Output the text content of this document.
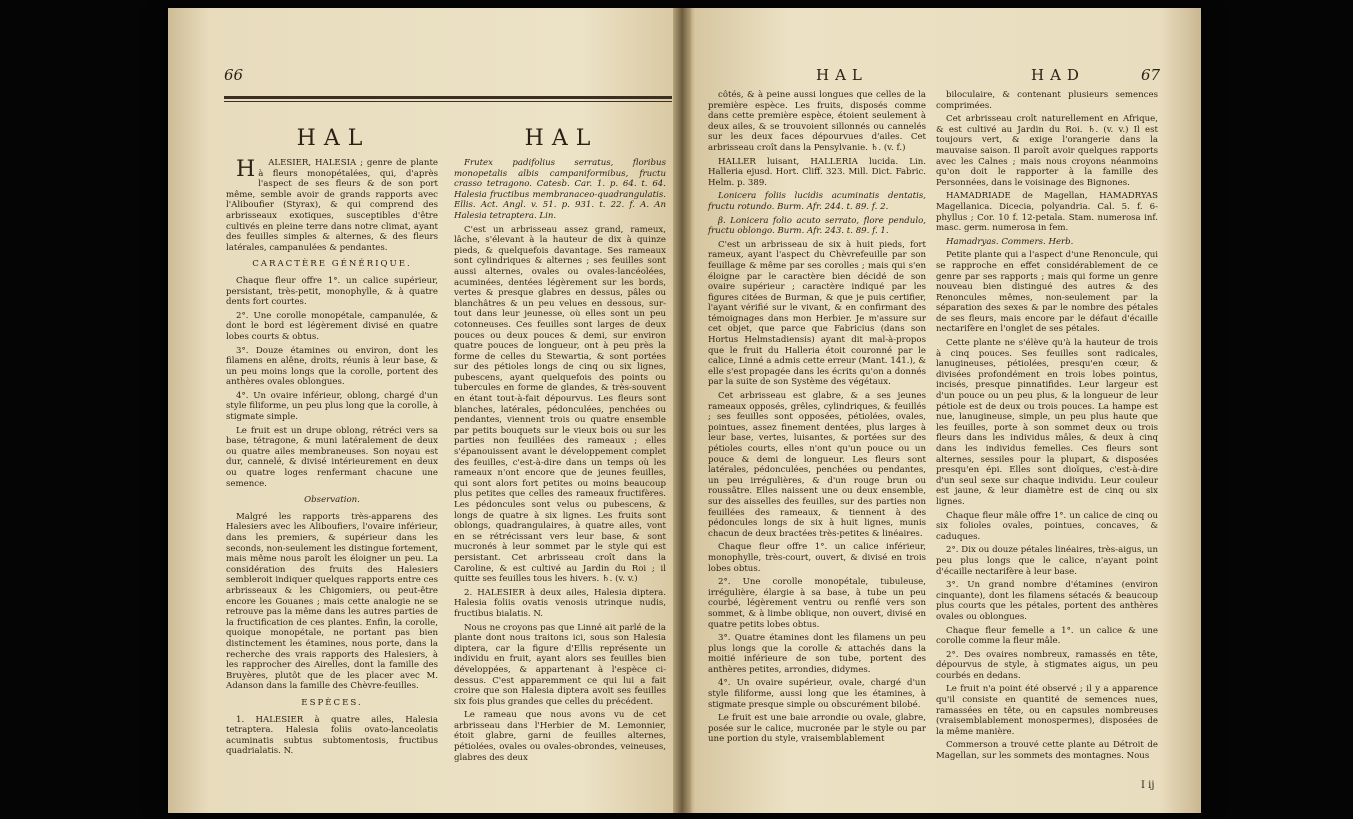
66
HAL	HAL

H ALESIER, HALESIA ; genre de plante à fleurs monopétalées, qui, d'après l'aspect de ses fleurs & de son port même, semble avoir de grands rapports avec l'Aliboufier (Styrax), & qui comprend des arbrisseaux exotiques, susceptibles d'être cultivés en pleine terre dans notre climat, ayant des feuilles simples & alternes, & des fleurs latérales, campanulées & pendantes.

CARACTÈRE GÉNÉRIQUE.

Chaque fleur offre 1°. un calice supérieur, persistant, très-petit, monophylle, & à quatre dents fort courtes.

2°. Une corolle monopétale, campanulée, & dont le bord est légèrement divisé en quatre lobes courts & obtus.

3°. Douze étamines ou environ, dont les filamens en alêne, droits, réunis à leur base, & un peu moins longs que la corolle, portent des anthères ovales oblongues.

4°. Un ovaire inférieur, oblong, chargé d'un style filiforme, un peu plus long que la corolle, à stigmate simple.

Le fruit est un drupe oblong, rétréci vers sa base, tétragone, & muni latéralement de deux ou quatre ailes membraneuses. Son noyau est dur, cannelé, & divisé intérieurement en deux ou quatre loges renfermant chacune une semence.

Observation.

Malgré les rapports très-apparens des Halesiers avec les Aliboufiers, l'ovaire inférieur, dans les premiers, & supérieur dans les seconds, non-seulement les distingue fortement, mais même nous paroît les éloigner un peu. La considération des fruits des Halesiers sembleroit indiquer quelques rapports entre ces arbrisseaux & les Chigomiers, ou peut-être encore les Gouanes ; mais cette analogie ne se retrouve pas la même dans les autres parties de la fructification de ces plantes. Enfin, la corolle, quoique monopétale, ne portant pas bien distinctement les étamines, nous porte, dans la recherche des vrais rapports des Halesiers, à les rapprocher des Airelles, dont la famille des Bruyères, plutôt que de les placer avec M. Adanson dans la famille des Chèvre-feuilles.

ESPÈCES.

1. HALESIER à quatre ailes, Halesia tetraptera. Halesia foliis ovato-lanceolatis acuminatis subtus subtomentosis, fructibus quadrialatis. N.

Frutex padifolius serratus, floribus monopetalis albis campaniformibus, fructu crasso tetragono. Catesb. Car. 1. p. 64. t. 64. Halesia fructibus membranaceo-quadrangulatis. Ellis. Act. Angl. v. 51. p. 931. t. 22. f. A. An Halesia tetraptera. Lin.

C'est un arbrisseau assez grand, rameux, lâche, s'élevant à la hauteur de dix à quinze pieds, & quelquefois davantage. Ses rameaux sont cylindriques & alternes ; ses feuilles sont aussi alternes, ovales ou ovales-lancéolées, acuminées, dentées légèrement sur les bords, vertes & presque glabres en dessus, pâles ou blanchâtres & un peu velues en dessous, sur-tout dans leur jeunesse, où elles sont un peu cotonneuses. Ces feuilles sont larges de deux pouces ou deux pouces & demi, sur environ quatre pouces de longueur, ont à peu près la forme de celles du Stewartia, & sont portées sur des pétioles longs de cinq ou six lignes, pubescens, ayant quelquefois des points ou tubercules en forme de glandes, & très-souvent en étant tout-à-fait dépourvus. Les fleurs sont blanches, latérales, pédonculées, penchées ou pendantes, viennent trois ou quatre ensemble par petits bouquets sur le vieux bois ou sur les parties non feuillées des rameaux ; elles s'épanouissent avant le développement complet des feuilles, c'est-à-dire dans un temps où les rameaux n'ont encore que de jeunes feuilles, qui sont alors fort petites ou moins beaucoup plus petites que celles des rameaux fructifères. Les pédoncules sont velus ou pubescens, & longs de quatre à six lignes. Les fruits sont oblongs, quadrangulaires, à quatre ailes, vont en se rétrécissant vers leur base, & sont mucronés à leur sommet par le style qui est persistant. Cet arbrisseau croît dans la Caroline, & est cultivé au Jardin du Roi ; il quitte ses feuilles tous les hivers. ♄. (v. v.)

2. HALESIER à deux ailes, Halesia diptera. Halesia foliis ovatis venosis utrinque nudis, fructibus bialatis. N.

Nous ne croyons pas que Linné ait parlé de la plante dont nous traitons ici, sous son Halesia diptera, car la figure d'Ellis représente un individu en fruit, ayant alors ses feuilles bien développées, & appartenant à l'espèce ci-dessus. C'est apparemment ce qui lui a fait croire que son Halesia diptera avoit ses feuilles six fois plus grandes que celles du précédent.

Le rameau que nous avons vu de cet arbrisseau dans l'Herbier de M. Lemonnier, étoit glabre, garni de feuilles alternes, pétiolées, ovales ou ovales-obrondes, veineuses, glabres des deux

HAL	HAD	67

côtés, & à peine aussi longues que celles de la première espèce. Les fruits, disposés comme dans cette première espèce, étoient seulement à deux ailes, & se trouvoient sillonnés ou cannelés sur les deux faces dépourvues d'ailes. Cet arbrisseau croît dans la Pensylvanie. ♄. (v. f.)

HALLER luisant, HALLERIA lucida. Lin. Halleria ejusd. Hort. Cliff. 323. Mill. Dict. Fabric. Helm. p. 389.

Lonicera foliis lucidis acuminatis dentatis, fructu rotundo. Burm. Afr. 244. t. 89. f. 2.

β. Lonicera folio acuto serrato, flore pendulo, fructu oblongo. Burm. Afr. 243. t. 89. f. 1.

C'est un arbrisseau de six à huit pieds, fort rameux, ayant l'aspect du Chèvrefeuille par son feuillage & même par ses corolles ; mais qui s'en éloigne par le caractère bien décidé de son ovaire supérieur ; caractère indiqué par les figures citées de Burman, & que je puis certifier, l'ayant vérifié sur le vivant, & en confirmant des témoignages dans mon Herbier. Je m'assure sur cet objet, que parce que Fabricius (dans son Hortus Helmstadiensis) ayant dit mal-à-propos que le fruit du Halleria étoit couronné par le calice, Linné a admis cette erreur (Mant. 141.), & elle s'est propagée dans les écrits qu'on a donnés par la suite de son Système des végétaux.

Cet arbrisseau est glabre, & a ses jeunes rameaux opposés, grêles, cylindriques, & feuillés ; ses feuilles sont opposées, pétiolées, ovales, pointues, assez finement dentées, plus larges à leur base, vertes, luisantes, & portées sur des pétioles courts, elles n'ont qu'un pouce ou un pouce & demi de longueur. Les fleurs sont latérales, pédonculées, penchées ou pendantes, un peu irrégulières, & d'un rouge brun ou roussâtre. Elles naissent une ou deux ensemble, sur des aisselles des feuilles, sur des parties non feuillées des rameaux, & tiennent à des pédoncules longs de six à huit lignes, munis chacun de deux bractées très-petites & linéaires.

Chaque fleur offre 1°. un calice inférieur, monophylle, très-court, ouvert, & divisé en trois lobes obtus.

2°. Une corolle monopétale, tubuleuse, irrégulière, élargie à sa base, à tube un peu courbé, légèrement ventru ou renflé vers son sommet, & à limbe oblique, non ouvert, divisé en quatre petits lobes obtus.

3°. Quatre étamines dont les filamens un peu plus longs que la corolle & attachés dans la moitié inférieure de son tube, portent des anthères petites, arrondies, didymes.

4°. Un ovaire supérieur, ovale, chargé d'un style filiforme, aussi long que les étamines, à stigmate presque simple ou obscurément bilobé.

Le fruit est une baie arrondie ou ovale, glabre, posée sur le calice, mucronée par le style ou par une portion du style, vraisemblablement

biloculaire, & contenant plusieurs semences comprimées.

Cet arbrisseau croît naturellement en Afrique, & est cultivé au Jardin du Roi. ♄. (v. v.) Il est toujours vert, & exige l'orangerie dans la mauvaise saison. Il paroît avoir quelques rapports avec les Calnes ; mais nous croyons néanmoins qu'on doit le rapporter à la famille des Personnées, dans le voisinage des Bignones.

HAMADRIADE de Magellan, HAMADRYAS Magellanica. Dicecia, polyandria. Cal. 5. f. 6-phyllus ; Cor. 10 f. 12-petala. Stam. numerosa inf. masc. germ. numerosa in fem.

Hamadryas. Commers. Herb.

Petite plante qui a l'aspect d'une Renoncule, qui se rapproche en effet considérablement de ce genre par ses rapports ; mais qui forme un genre nouveau bien distingué des autres & des Renoncules mêmes, non-seulement par la séparation des sexes & par le nombre des pétales de ses fleurs, mais encore par le défaut d'écaille nectarifère en l'onglet de ses pétales.

Cette plante ne s'élève qu'à la hauteur de trois à cinq pouces. Ses feuilles sont radicales, lanugineuses, pétiolées, presqu'en cœur, & divisées profondément en trois lobes pointus, incisés, presque pinnatifides. Leur largeur est d'un pouce ou un peu plus, & la longueur de leur pétiole est de deux ou trois pouces. La hampe est nue, lanugineuse, simple, un peu plus haute que les feuilles, porte à son sommet deux ou trois fleurs dans les individus mâles, & deux à cinq dans les individus femelles. Ces fleurs sont alternes, sessiles pour la plupart, & disposées presqu'en épi. Elles sont dioïques, c'est-à-dire d'un seul sexe sur chaque individu. Leur couleur est jaune, & leur diamètre est de cinq ou six lignes.

Chaque fleur mâle offre 1°. un calice de cinq ou six folioles ovales, pointues, concaves, & caduques.

2°. Dix ou douze pétales linéaires, très-aigus, un peu plus longs que le calice, n'ayant point d'écaille nectarifère à leur base.

3°. Un grand nombre d'étamines (environ cinquante), dont les filamens sétacés & beaucoup plus courts que les pétales, portent des anthères ovales ou oblongues.

Chaque fleur femelle a 1°. un calice & une corolle comme la fleur mâle.

2°. Des ovaires nombreux, ramassés en tête, dépourvus de style, à stigmates aigus, un peu courbés en dedans.

Le fruit n'a point été observé ; il y a apparence qu'il consiste en quantité de semences nues, ramassées en tête, ou en capsules nombreuses (vraisemblablement monospermes), disposées de la même manière.

Commerson a trouvé cette plante au Détroit de Magellan, sur les sommets des montagnes. Nous

I ij
